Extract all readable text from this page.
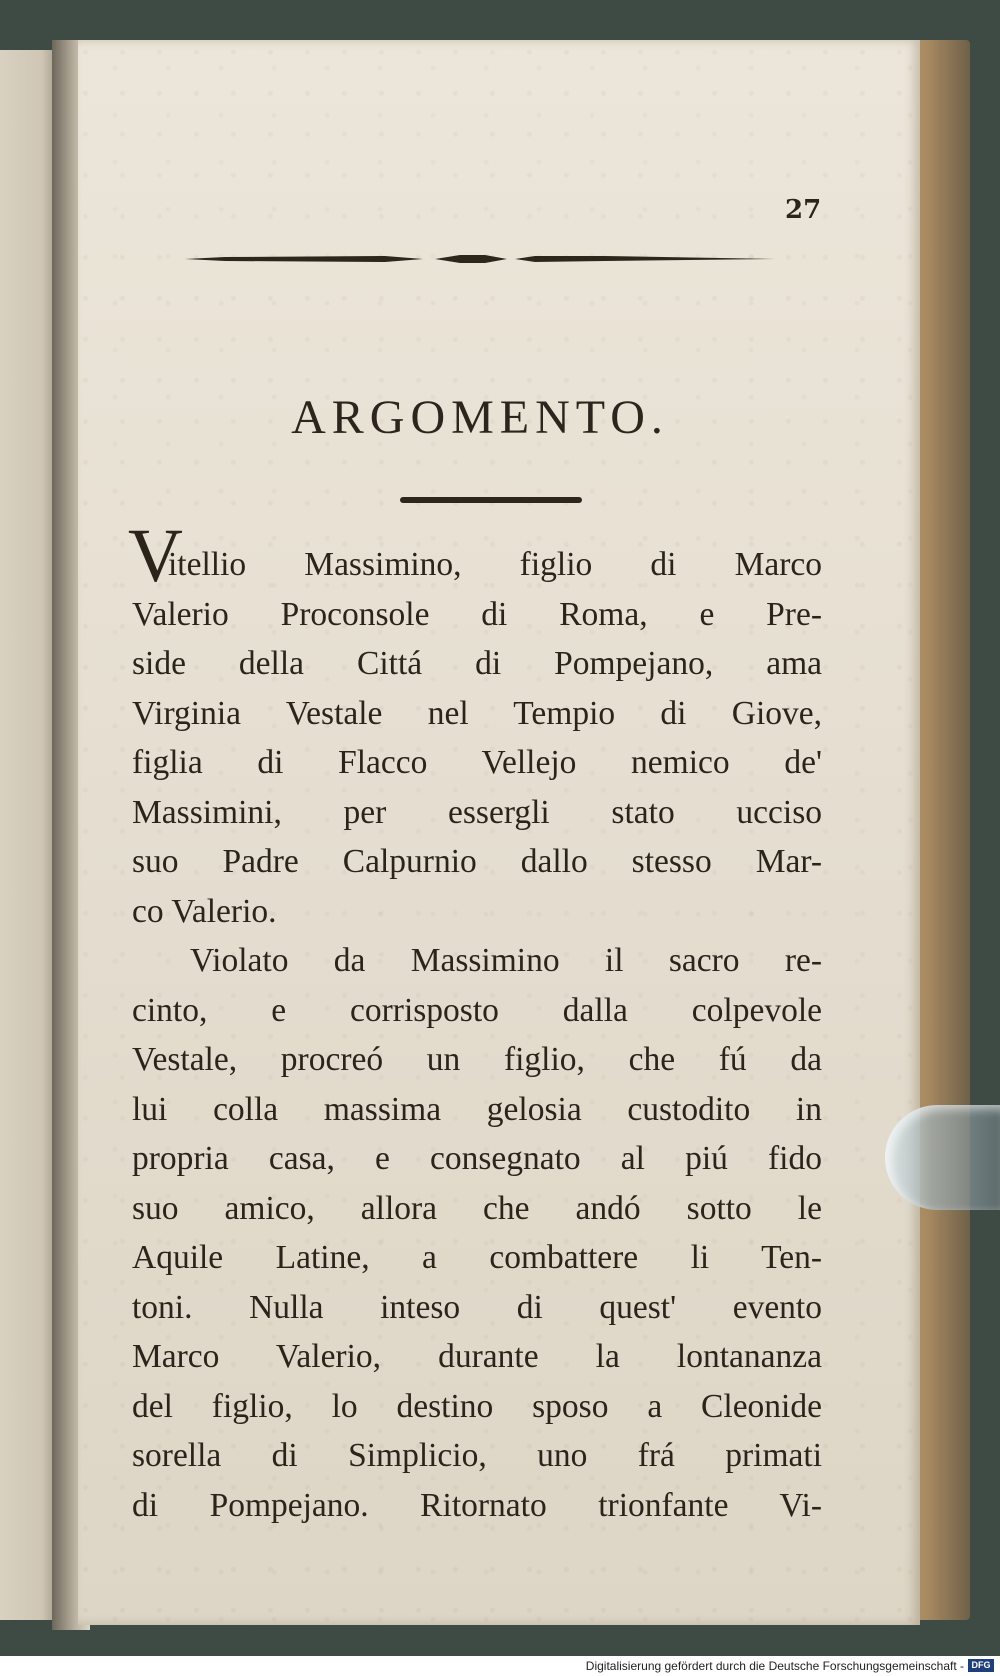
27
ARGOMENTO.
V
itellio Massimino, figlio di Marco
Valerio Proconsole di Roma, e Pre-
side della Cittá di Pompejano, ama
Virginia Vestale nel Tempio di Giove,
figlia di Flacco Vellejo nemico de'
Massimini, per essergli stato ucciso
suo Padre Calpurnio dallo stesso Mar-
co Valerio.
Violato da Massimino il sacro re-
cinto, e corrisposto dalla colpevole
Vestale, procreó un figlio, che fú da
lui colla massima gelosia custodito in
propria casa, e consegnato al piú fido
suo amico, allora che andó sotto le
Aquile Latine, a combattere li Ten-
toni. Nulla inteso di quest' evento
Marco Valerio, durante la lontananza
del figlio, lo destino sposo a Cleonide
sorella di Simplicio, uno frá primati
di Pompejano. Ritornato trionfante Vi-
Digitalisierung gefördert durch die Deutsche Forschungsgemeinschaft - DFG
